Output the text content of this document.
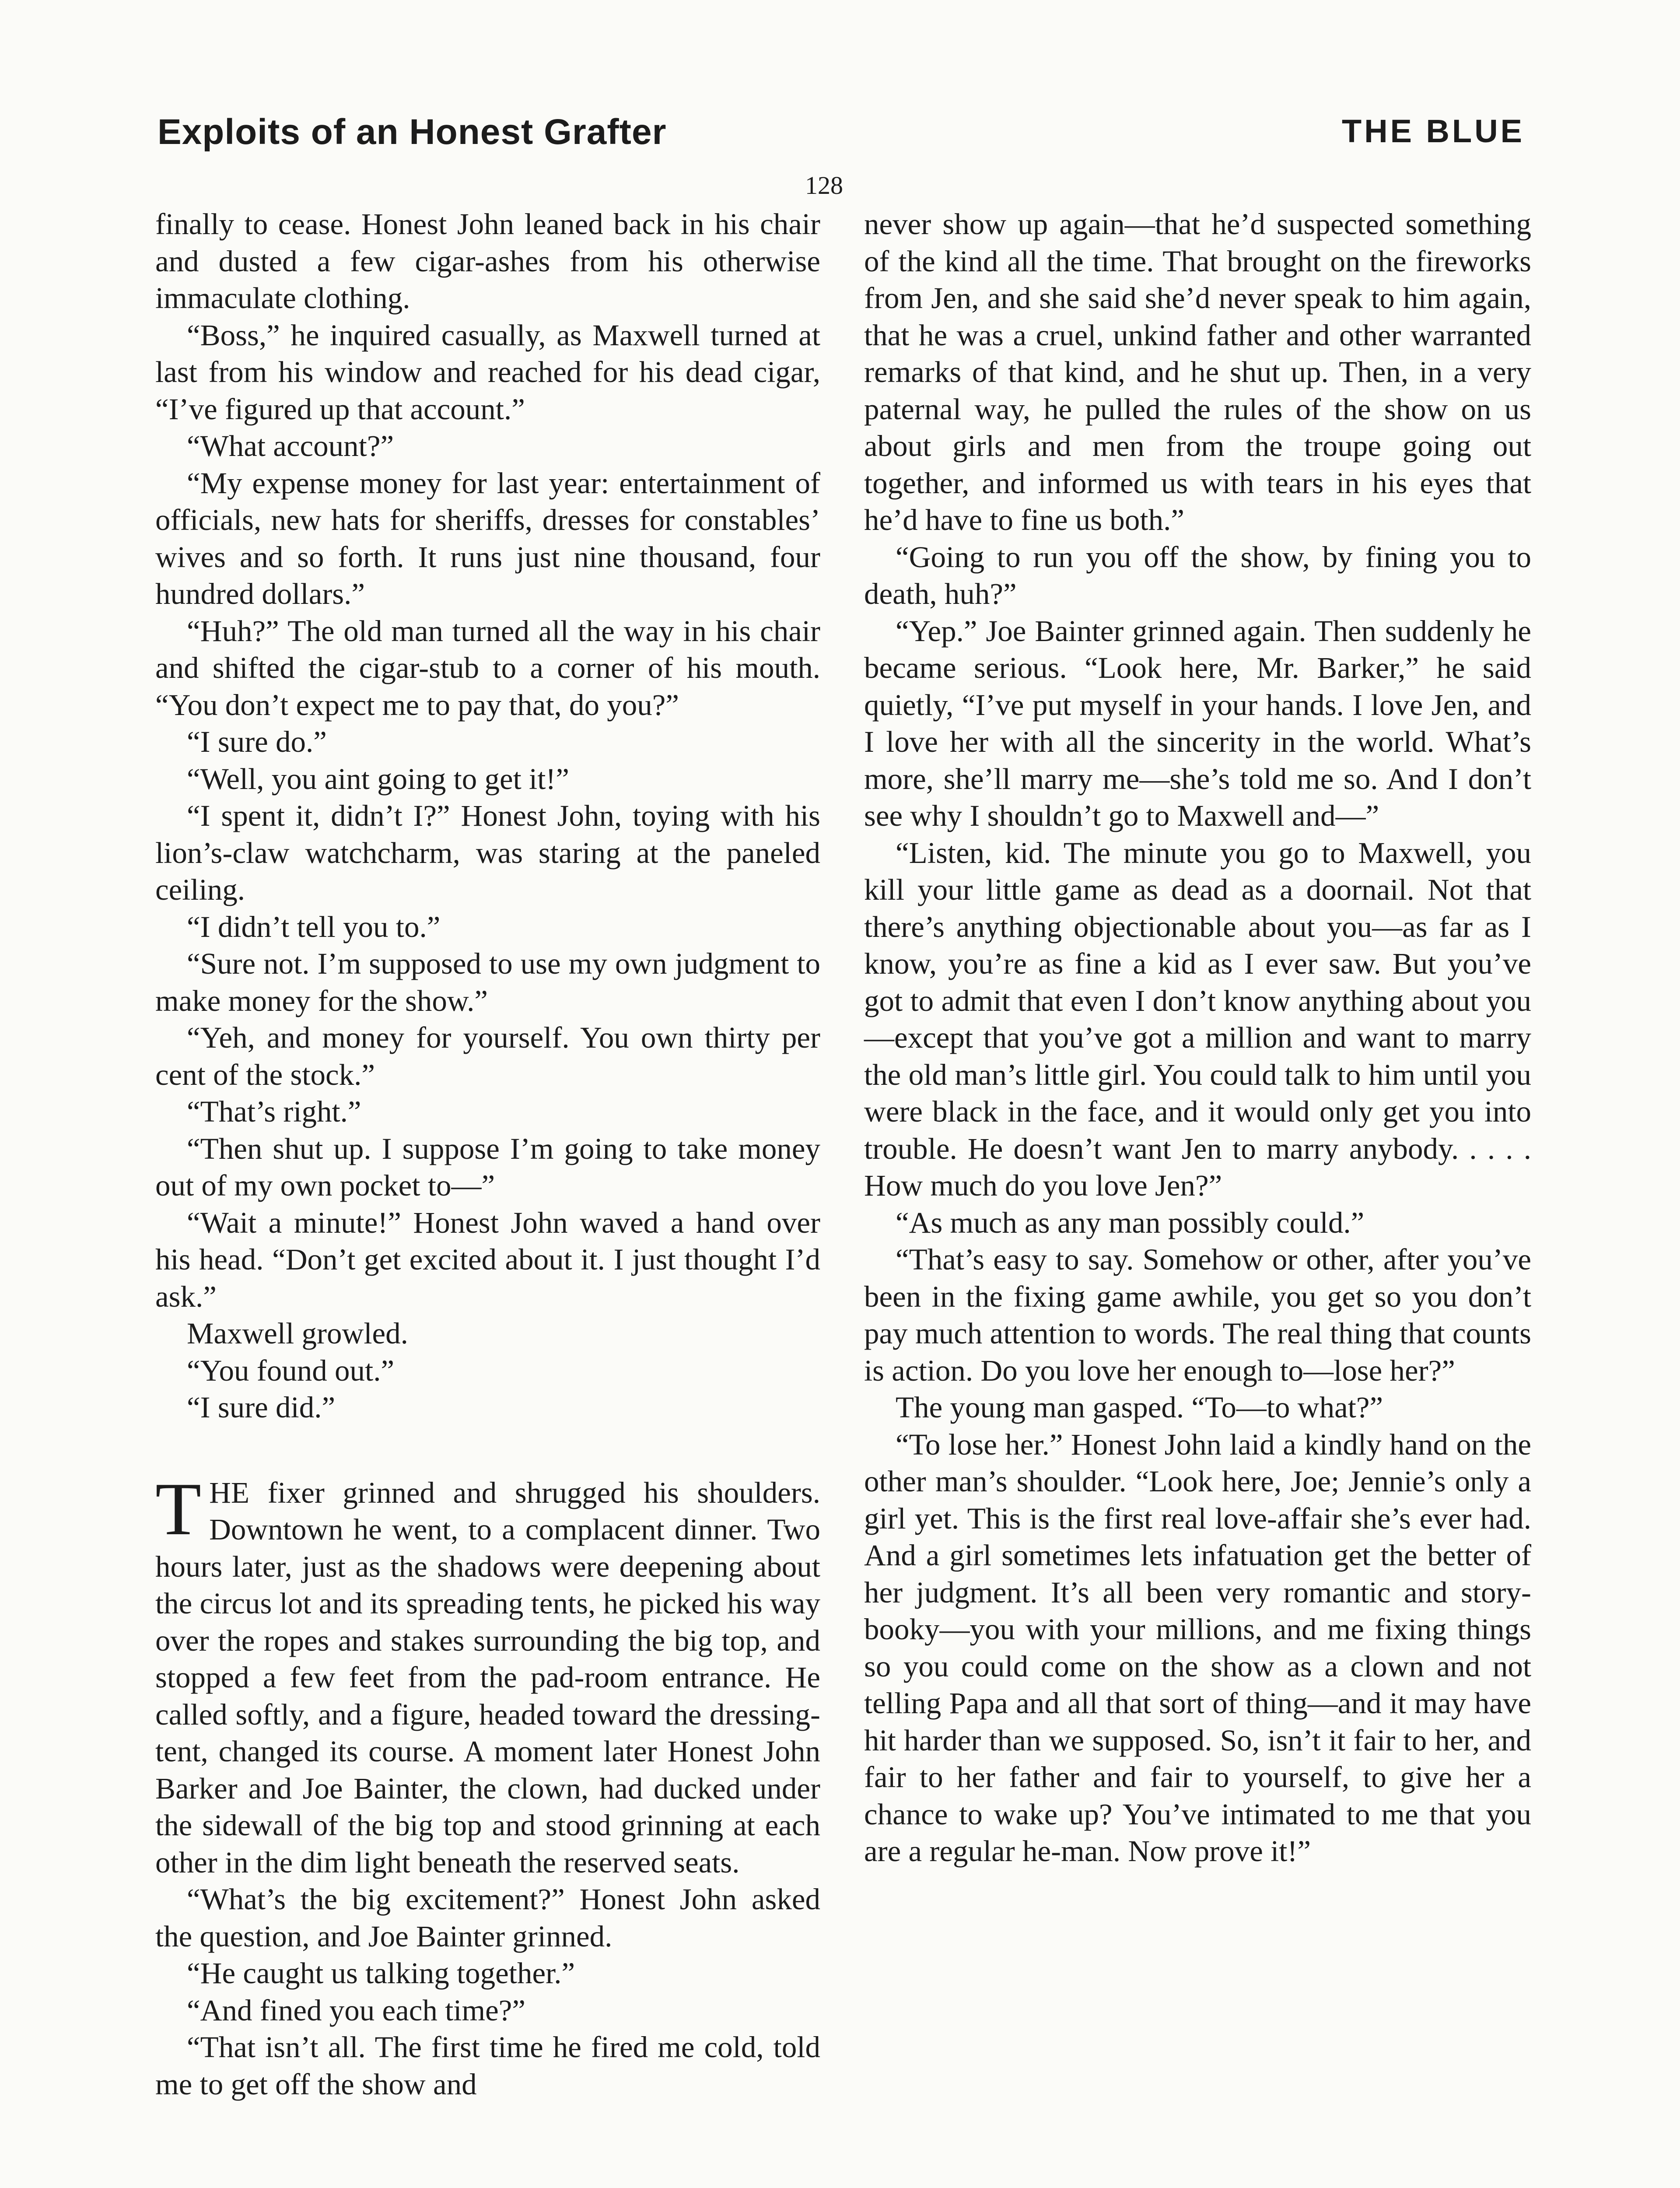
Exploits of an Honest Grafter	THE BLUE
128

finally to cease. Honest John leaned back in his chair and dusted a few cigar-ashes from his otherwise immaculate clothing.

“Boss,” he inquired casually, as Maxwell turned at last from his window and reached for his dead cigar, “I’ve figured up that account.”

“What account?”

“My expense money for last year: entertainment of officials, new hats for sheriffs, dresses for constables’ wives and so forth. It runs just nine thousand, four hundred dollars.”

“Huh?” The old man turned all the way in his chair and shifted the cigar-stub to a corner of his mouth. “You don’t expect me to pay that, do you?”

“I sure do.”

“Well, you aint going to get it!”

“I spent it, didn’t I?” Honest John, toying with his lion’s-claw watchcharm, was staring at the paneled ceiling.

“I didn’t tell you to.”

“Sure not. I’m supposed to use my own judgment to make money for the show.”

“Yeh, and money for yourself. You own thirty per cent of the stock.”

“That’s right.”

“Then shut up. I suppose I’m going to take money out of my own pocket to—”

“Wait a minute!” Honest John waved a hand over his head. “Don’t get excited about it. I just thought I’d ask.”

Maxwell growled.

“You found out.”

“I sure did.”

THE fixer grinned and shrugged his shoulders. Downtown he went, to a complacent dinner. Two hours later, just as the shadows were deepening about the circus lot and its spreading tents, he picked his way over the ropes and stakes surrounding the big top, and stopped a few feet from the pad-room entrance. He called softly, and a figure, headed toward the dressing-tent, changed its course. A moment later Honest John Barker and Joe Bainter, the clown, had ducked under the sidewall of the big top and stood grinning at each other in the dim light beneath the reserved seats.

“What’s the big excitement?” Honest John asked the question, and Joe Bainter grinned.

“He caught us talking together.”

“And fined you each time?”

“That isn’t all. The first time he fired me cold, told me to get off the show and

never show up again—that he’d suspected something of the kind all the time. That brought on the fireworks from Jen, and she said she’d never speak to him again, that he was a cruel, unkind father and other warranted remarks of that kind, and he shut up. Then, in a very paternal way, he pulled the rules of the show on us about girls and men from the troupe going out together, and informed us with tears in his eyes that he’d have to fine us both.”

“Going to run you off the show, by fining you to death, huh?”

“Yep.” Joe Bainter grinned again. Then suddenly he became serious. “Look here, Mr. Barker,” he said quietly, “I’ve put myself in your hands. I love Jen, and I love her with all the sincerity in the world. What’s more, she’ll marry me—she’s told me so. And I don’t see why I shouldn’t go to Maxwell and—”

“Listen, kid. The minute you go to Maxwell, you kill your little game as dead as a doornail. Not that there’s anything objectionable about you—as far as I know, you’re as fine a kid as I ever saw. But you’ve got to admit that even I don’t know anything about you—except that you’ve got a million and want to marry the old man’s little girl. You could talk to him until you were black in the face, and it would only get you into trouble. He doesn’t want Jen to marry anybody. . . . . How much do you love Jen?”

“As much as any man possibly could.”

“That’s easy to say. Somehow or other, after you’ve been in the fixing game awhile, you get so you don’t pay much attention to words. The real thing that counts is action. Do you love her enough to—lose her?”

The young man gasped. “To—to what?”

“To lose her.” Honest John laid a kindly hand on the other man’s shoulder. “Look here, Joe; Jennie’s only a girl yet. This is the first real love-affair she’s ever had. And a girl sometimes lets infatuation get the better of her judgment. It’s all been very romantic and story-booky—you with your millions, and me fixing things so you could come on the show as a clown and not telling Papa and all that sort of thing—and it may have hit harder than we supposed. So, isn’t it fair to her, and fair to her father and fair to yourself, to give her a chance to wake up? You’ve intimated to me that you are a regular he-man. Now prove it!”
